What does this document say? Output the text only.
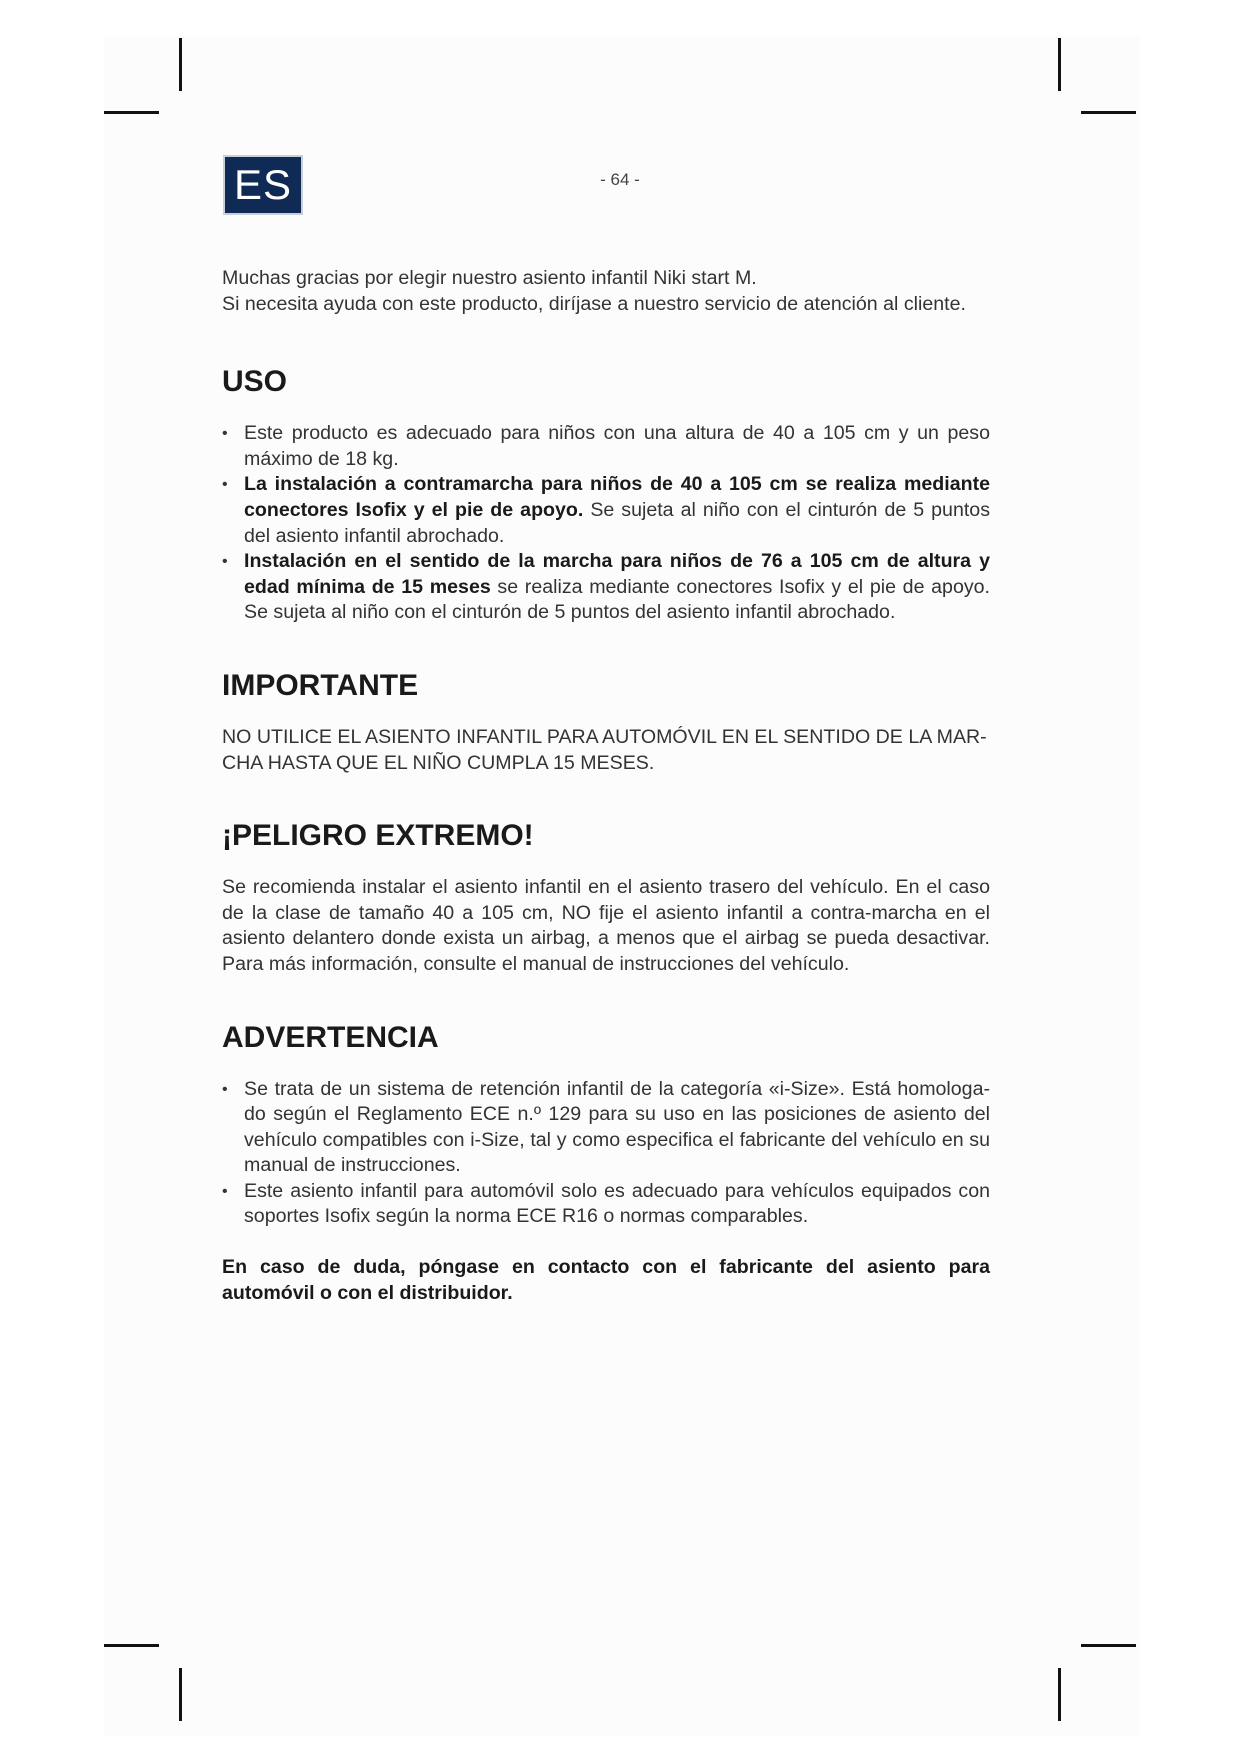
ES	- 64 -

Muchas gracias por elegir nuestro asiento infantil Niki start M.

Si necesita ayuda con este producto, diríjase a nuestro servicio de atención al cliente.

USO
• Este producto es adecuado para niños con una altura de 40 a 105 cm y un peso máximo de 18 kg.
• La instalación a contramarcha para niños de 40 a 105 cm se realiza mediante conectores Isofix y el pie de apoyo. Se sujeta al niño con el cinturón de 5 puntos del asiento infantil abrochado.
• Instalación en el sentido de la marcha para niños de 76 a 105 cm de altura y edad mínima de 15 meses se realiza mediante conectores Isofix y el pie de apoyo. Se sujeta al niño con el cinturón de 5 puntos del asiento infantil abrochado.
IMPORTANTE

NO UTILICE EL ASIENTO INFANTIL PARA AUTOMÓVIL EN EL SENTIDO DE LA MAR-CHA HASTA QUE EL NIÑO CUMPLA 15 MESES.

¡PELIGRO EXTREMO!

Se recomienda instalar el asiento infantil en el asiento trasero del vehículo. En el caso de la clase de tamaño 40 a 105 cm, NO fije el asiento infantil a contra-marcha en el asiento delantero donde exista un airbag, a menos que el airbag se pueda desactivar. Para más información, consulte el manual de instrucciones del vehículo.

ADVERTENCIA
• Se trata de un sistema de retención infantil de la categoría «i-Size». Está homologa-do según el Reglamento ECE n.º 129 para su uso en las posiciones de asiento del vehículo compatibles con i-Size, tal y como especifica el fabricante del vehículo en su manual de instrucciones.
• Este asiento infantil para automóvil solo es adecuado para vehículos equipados con soportes Isofix según la norma ECE R16 o normas comparables.

En caso de duda, póngase en contacto con el fabricante del asiento para automóvil o con el distribuidor.
